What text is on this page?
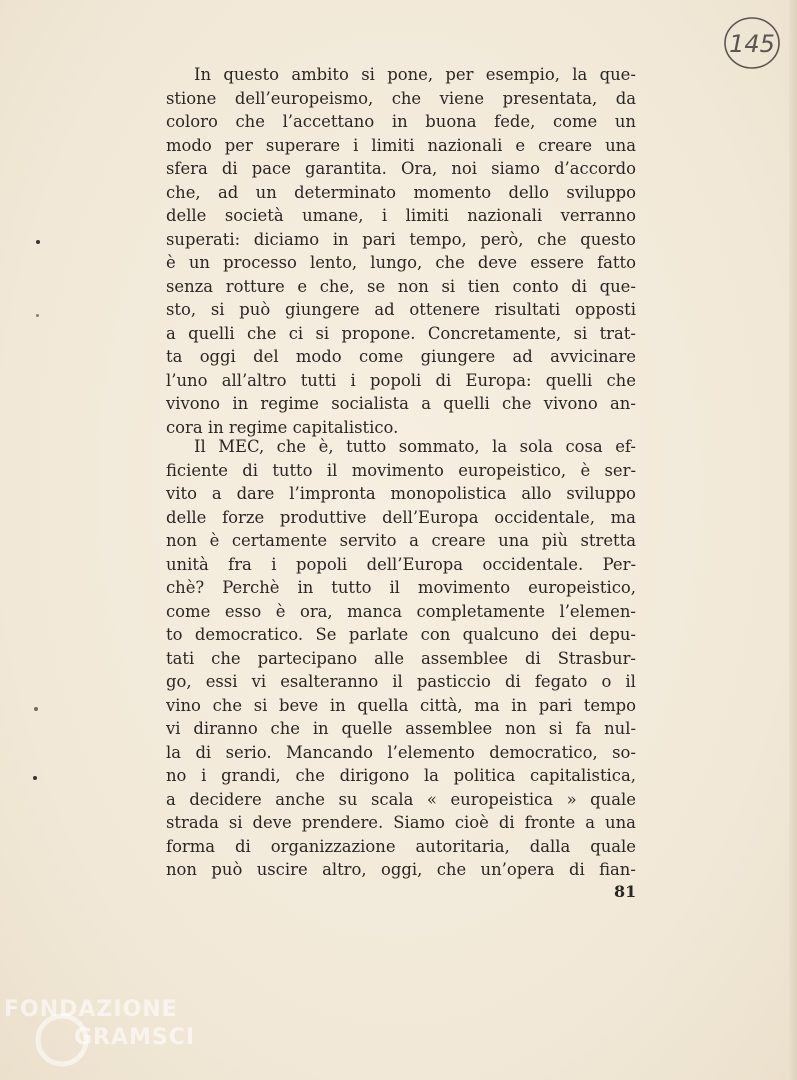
145
In questo ambito si pone, per esempio, la que-
stione dell’europeismo, che viene presentata, da
coloro che l’accettano in buona fede, come un
modo per superare i limiti nazionali e creare una
sfera di pace garantita. Ora, noi siamo d’accordo
che, ad un determinato momento dello sviluppo
delle società umane, i limiti nazionali verranno
superati: diciamo in pari tempo, però, che questo
è un processo lento, lungo, che deve essere fatto
senza rotture e che, se non si tien conto di que-
sto, si può giungere ad ottenere risultati opposti
a quelli che ci si propone. Concretamente, si trat-
ta oggi del modo come giungere ad avvicinare
l’uno all’altro tutti i popoli di Europa: quelli che
vivono in regime socialista a quelli che vivono an-
cora in regime capitalistico.
Il MEC, che è, tutto sommato, la sola cosa ef-
ficiente di tutto il movimento europeistico, è ser-
vito a dare l’impronta monopolistica allo sviluppo
delle forze produttive dell’Europa occidentale, ma
non è certamente servito a creare una più stretta
unità fra i popoli dell’Europa occidentale. Per-
chè? Perchè in tutto il movimento europeistico,
come esso è ora, manca completamente l’elemen-
to democratico. Se parlate con qualcuno dei depu-
tati che partecipano alle assemblee di Strasbur-
go, essi vi esalteranno il pasticcio di fegato o il
vino che si beve in quella città, ma in pari tempo
vi diranno che in quelle assemblee non si fa nul-
la di serio. Mancando l’elemento democratico, so-
no i grandi, che dirigono la politica capitalistica,
a decidere anche su scala « europeistica » quale
strada si deve prendere. Siamo cioè di fronte a una
forma di organizzazione autoritaria, dalla quale
non può uscire altro, oggi, che un’opera di fian-
81
FONDAZIONE
GRAMSCI
